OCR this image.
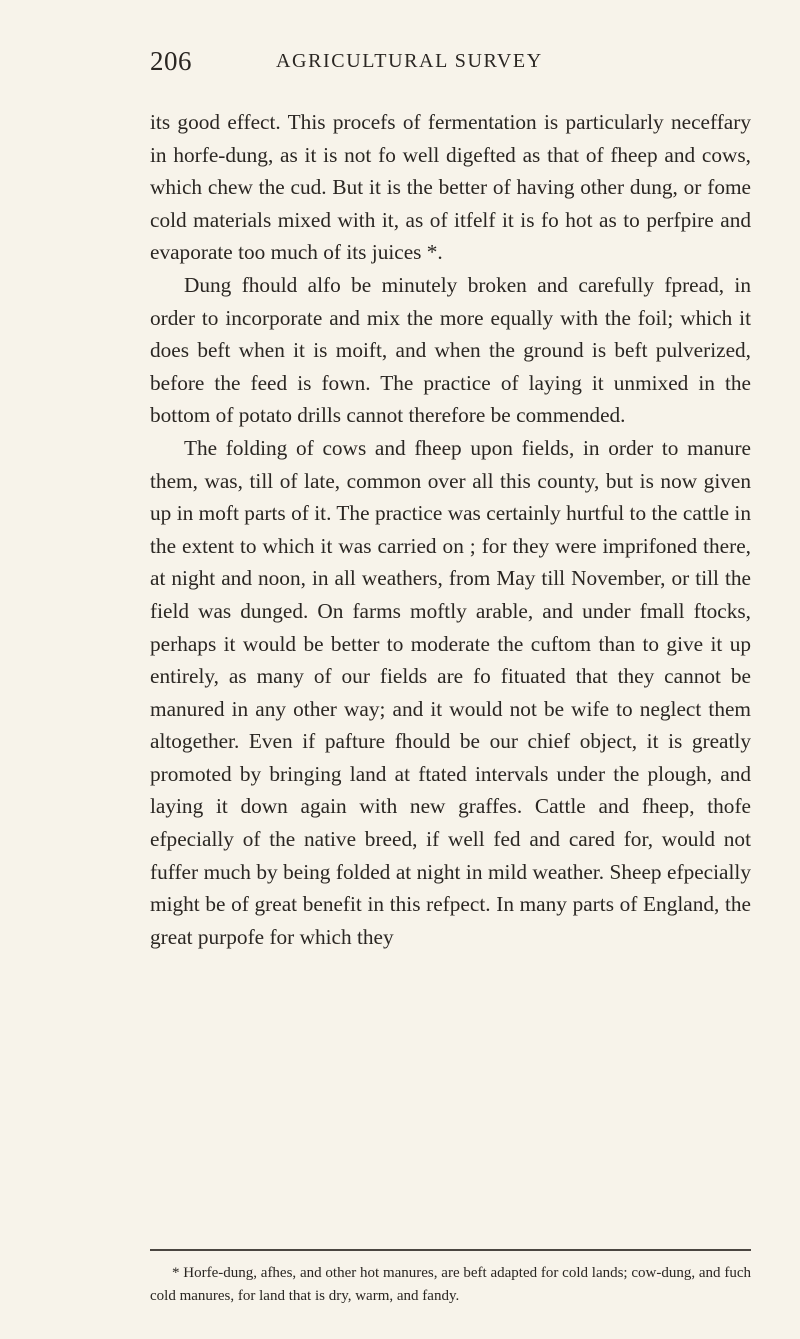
206	AGRICULTURAL SURVEY

its good effect. This procefs of fermentation is particularly neceffary in horfe-dung, as it is not fo well digefted as that of fheep and cows, which chew the cud. But it is the better of having other dung, or fome cold materials mixed with it, as of itfelf it is fo hot as to perfpire and evaporate too much of its juices *.

Dung fhould alfo be minutely broken and carefully fpread, in order to incorporate and mix the more equally with the foil; which it does beft when it is moift, and when the ground is beft pulverized, before the feed is fown. The practice of laying it unmixed in the bottom of potato drills cannot therefore be commended.

The folding of cows and fheep upon fields, in order to manure them, was, till of late, common over all this county, but is now given up in moft parts of it. The practice was certainly hurtful to the cattle in the extent to which it was carried on ; for they were imprifoned there, at night and noon, in all weathers, from May till November, or till the field was dunged. On farms moftly arable, and under fmall ftocks, perhaps it would be better to moderate the cuftom than to give it up entirely, as many of our fields are fo fituated that they cannot be manured in any other way; and it would not be wife to neglect them altogether. Even if pafture fhould be our chief object, it is greatly promoted by bringing land at ftated intervals under the plough, and laying it down again with new graffes. Cattle and fheep, thofe efpecially of the native breed, if well fed and cared for, would not fuffer much by being folded at night in mild weather. Sheep efpecially might be of great benefit in this refpect. In many parts of England, the great purpofe for which they

* Horfe-dung, afhes, and other hot manures, are beft adapted for cold lands; cow-dung, and fuch cold manures, for land that is dry, warm, and fandy.
